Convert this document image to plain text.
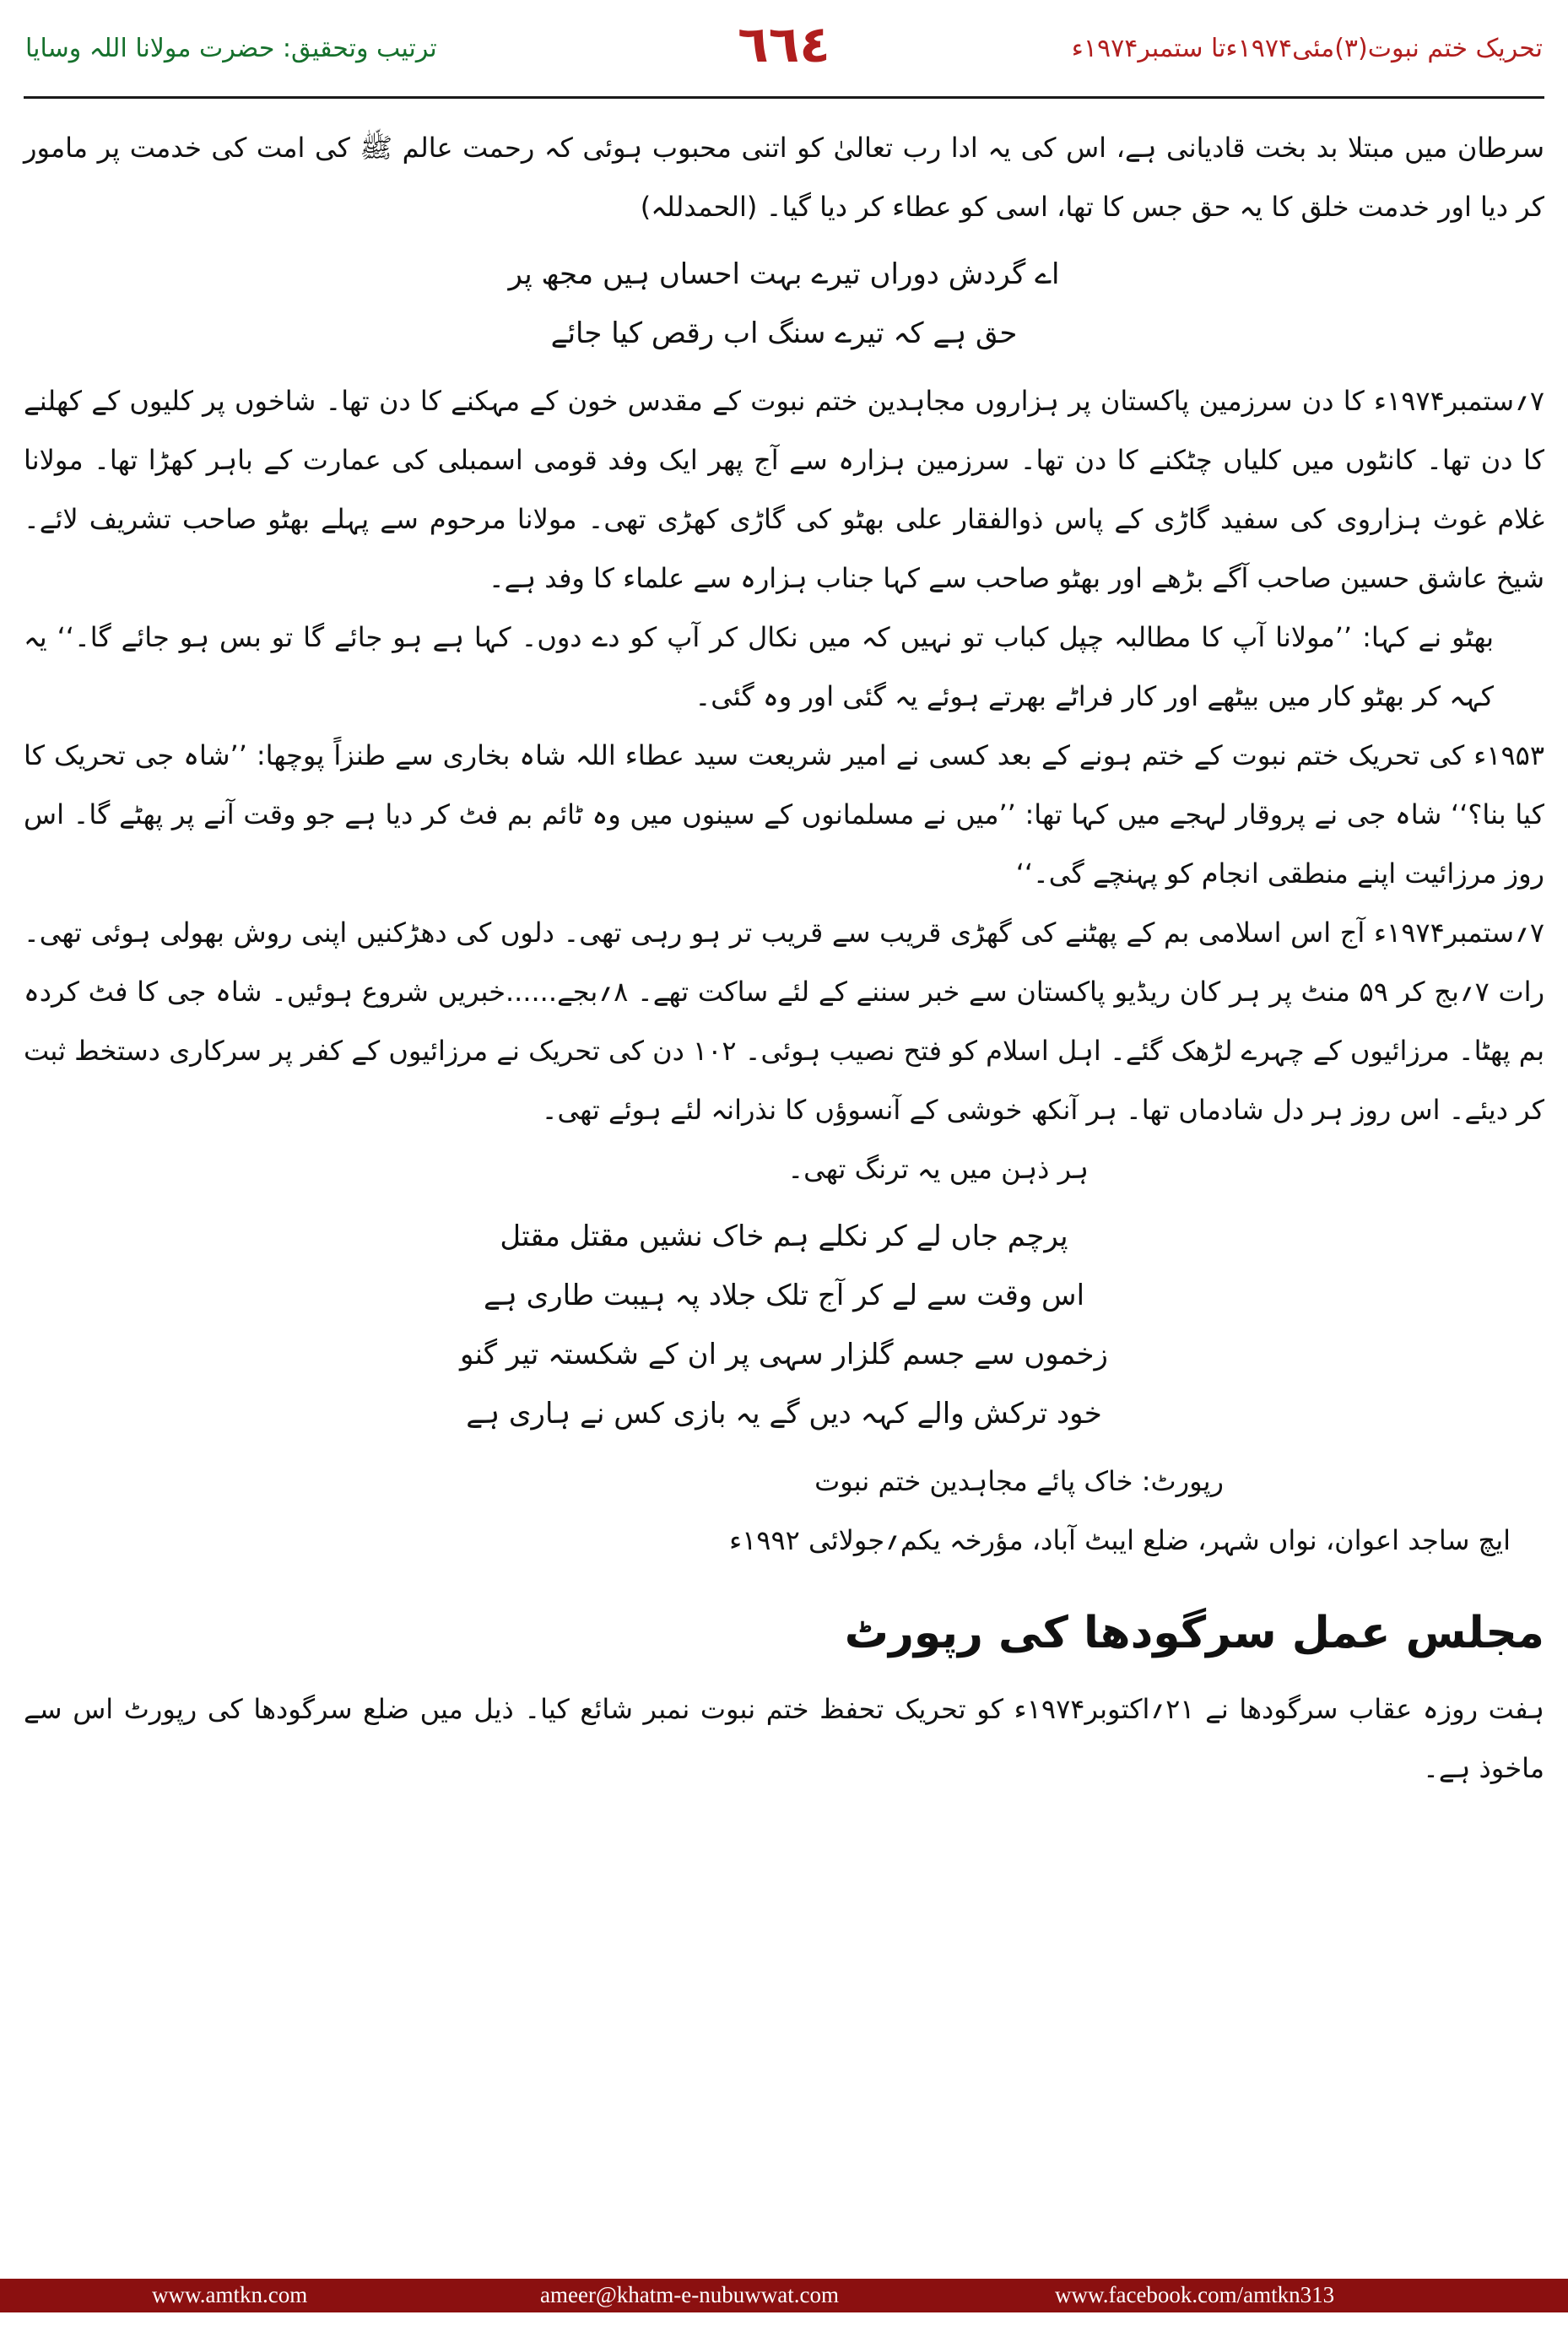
ترتیب وتحقیق: حضرت مولانا اللہ وسایا	٦٦٤	تحریک ختم نبوت(۳)مئی۱۹۷۴ءتا ستمبر۱۹۷۴ء

سرطان میں مبتلا بد بخت قادیانی ہے، اس کی یہ ادا رب تعالیٰ کو اتنی محبوب ہوئی کہ رحمت عالم ﷺ کی امت کی خدمت پر مامور کر دیا اور خدمت خلق کا یہ حق جس کا تھا، اسی کو عطاء کر دیا گیا۔ (الحمدللہ)

اے گردش دوراں تیرے بہت احساں ہیں مجھ پر
حق ہے کہ تیرے سنگ اب رقص کیا جائے

۷؍ستمبر۱۹۷۴ء کا دن سرزمین پاکستان پر ہزاروں مجاہدین ختم نبوت کے مقدس خون کے مہکنے کا دن تھا۔ شاخوں پر کلیوں کے کھلنے کا دن تھا۔ کانٹوں میں کلیاں چٹکنے کا دن تھا۔ سرزمین ہزارہ سے آج پھر ایک وفد قومی اسمبلی کی عمارت کے باہر کھڑا تھا۔ مولانا غلام غوث ہزاروی کی سفید گاڑی کے پاس ذوالفقار علی بھٹو کی گاڑی کھڑی تھی۔ مولانا مرحوم سے پہلے بھٹو صاحب تشریف لائے۔ شیخ عاشق حسین صاحب آگے بڑھے اور بھٹو صاحب سے کہا جناب ہزارہ سے علماء کا وفد ہے۔

بھٹو نے کہا: ’’مولانا آپ کا مطالبہ چپل کباب تو نہیں کہ میں نکال کر آپ کو دے دوں۔ کہا ہے ہو جائے گا تو بس ہو جائے گا۔‘‘ یہ کہہ کر بھٹو کار میں بیٹھے اور کار فراٹے بھرتے ہوئے یہ گئی اور وہ گئی۔

۱۹۵۳ء کی تحریک ختم نبوت کے ختم ہونے کے بعد کسی نے امیر شریعت سید عطاء اللہ شاہ بخاری سے طنزاً پوچھا: ’’شاہ جی تحریک کا کیا بنا؟‘‘ شاہ جی نے پروقار لہجے میں کہا تھا: ’’میں نے مسلمانوں کے سینوں میں وہ ٹائم بم فٹ کر دیا ہے جو وقت آنے پر پھٹے گا۔ اس روز مرزائیت اپنے منطقی انجام کو پہنچے گی۔‘‘

۷؍ستمبر۱۹۷۴ء آج اس اسلامی بم کے پھٹنے کی گھڑی قریب سے قریب تر ہو رہی تھی۔ دلوں کی دھڑکنیں اپنی روش بھولی ہوئی تھی۔ رات ۷؍بج کر ۵۹ منٹ پر ہر کان ریڈیو پاکستان سے خبر سننے کے لئے ساکت تھے۔ ۸؍بجے......خبریں شروع ہوئیں۔ شاہ جی کا فٹ کردہ بم پھٹا۔ مرزائیوں کے چہرے لڑھک گئے۔ اہل اسلام کو فتح نصیب ہوئی۔ ۱۰۲ دن کی تحریک نے مرزائیوں کے کفر پر سرکاری دستخط ثبت کر دیئے۔ اس روز ہر دل شادماں تھا۔ ہر آنکھ خوشی کے آنسوؤں کا نذرانہ لئے ہوئے تھی۔

ہر ذہن میں یہ ترنگ تھی۔

پرچم جاں لے کر نکلے ہم خاک نشیں مقتل مقتل
اس وقت سے لے کر آج تلک جلاد پہ ہیبت طاری ہے
زخموں سے جسم گلزار سہی پر ان کے شکستہ تیر گنو
خود ترکش والے کہہ دیں گے یہ بازی کس نے ہاری ہے

رپورٹ: خاک پائے مجاہدین ختم نبوت

ایچ ساجد اعوان، نواں شہر، ضلع ایبٹ آباد، مؤرخہ یکم؍جولائی ۱۹۹۲ء

مجلس عمل سرگودھا کی رپورٹ

ہفت روزہ عقاب سرگودھا نے ۲۱؍اکتوبر۱۹۷۴ء کو تحریک تحفظ ختم نبوت نمبر شائع کیا۔ ذیل میں ضلع سرگودھا کی رپورٹ اس سے ماخوذ ہے۔

www.amtkn.com	ameer@khatm-e-nubuwwat.com	www.facebook.com/amtkn313
